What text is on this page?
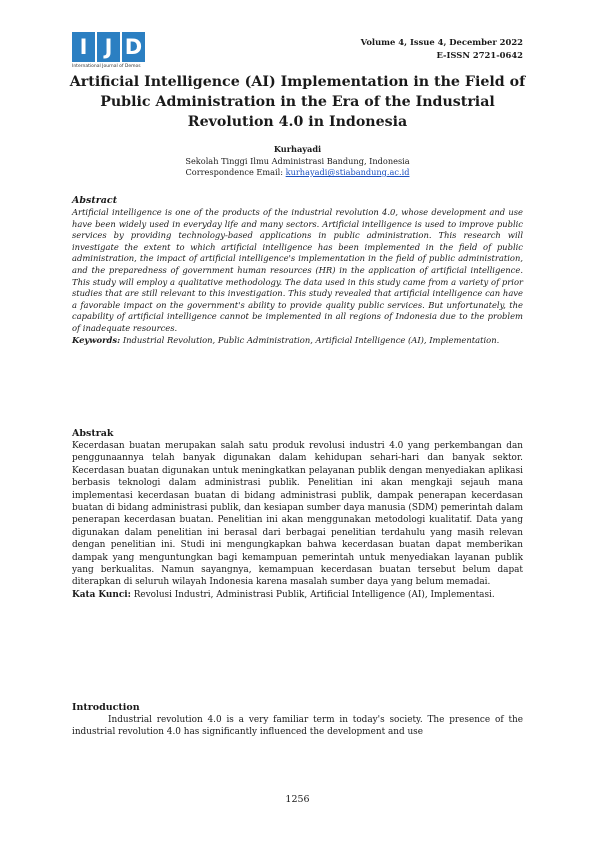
I J D
International Journal of Demos
Volume 4, Issue 4, December 2022
E-ISSN 2721-0642
Artificial Intelligence (AI) Implementation in the Field of Public Administration in the Era of the Industrial Revolution 4.0 in Indonesia
Kurhayadi
Sekolah Tinggi Ilmu Administrasi Bandung, Indonesia
Correspondence Email: kurhayadi@stiabandung.ac.id
Abstract
Artificial intelligence is one of the products of the industrial revolution 4.0, whose development and use have been widely used in everyday life and many sectors. Artificial intelligence is used to improve public services by providing technology-based applications in public administration. This research will investigate the extent to which artificial intelligence has been implemented in the field of public administration, the impact of artificial intelligence's implementation in the field of public administration, and the preparedness of government human resources (HR) in the application of artificial intelligence. This study will employ a qualitative methodology. The data used in this study came from a variety of prior studies that are still relevant to this investigation. This study revealed that artificial intelligence can have a favorable impact on the government's ability to provide quality public services. But unfortunately, the capability of artificial intelligence cannot be implemented in all regions of Indonesia due to the problem of inadequate resources.
Keywords: Industrial Revolution, Public Administration, Artificial Intelligence (AI), Implementation.
Abstrak
Kecerdasan buatan merupakan salah satu produk revolusi industri 4.0 yang perkembangan dan penggunaannya telah banyak digunakan dalam kehidupan sehari-hari dan banyak sektor. Kecerdasan buatan digunakan untuk meningkatkan pelayanan publik dengan menyediakan aplikasi berbasis teknologi dalam administrasi publik. Penelitian ini akan mengkaji sejauh mana implementasi kecerdasan buatan di bidang administrasi publik, dampak penerapan kecerdasan buatan di bidang administrasi publik, dan kesiapan sumber daya manusia (SDM) pemerintah dalam penerapan kecerdasan buatan. Penelitian ini akan menggunakan metodologi kualitatif. Data yang digunakan dalam penelitian ini berasal dari berbagai penelitian terdahulu yang masih relevan dengan penelitian ini. Studi ini mengungkapkan bahwa kecerdasan buatan dapat memberikan dampak yang menguntungkan bagi kemampuan pemerintah untuk menyediakan layanan publik yang berkualitas. Namun sayangnya, kemampuan kecerdasan buatan tersebut belum dapat diterapkan di seluruh wilayah Indonesia karena masalah sumber daya yang belum memadai.
Kata Kunci: Revolusi Industri, Administrasi Publik, Artificial Intelligence (AI), Implementasi.
Introduction
Industrial revolution 4.0 is a very familiar term in today's society. The presence of the industrial revolution 4.0 has significantly influenced the development and use
1256
